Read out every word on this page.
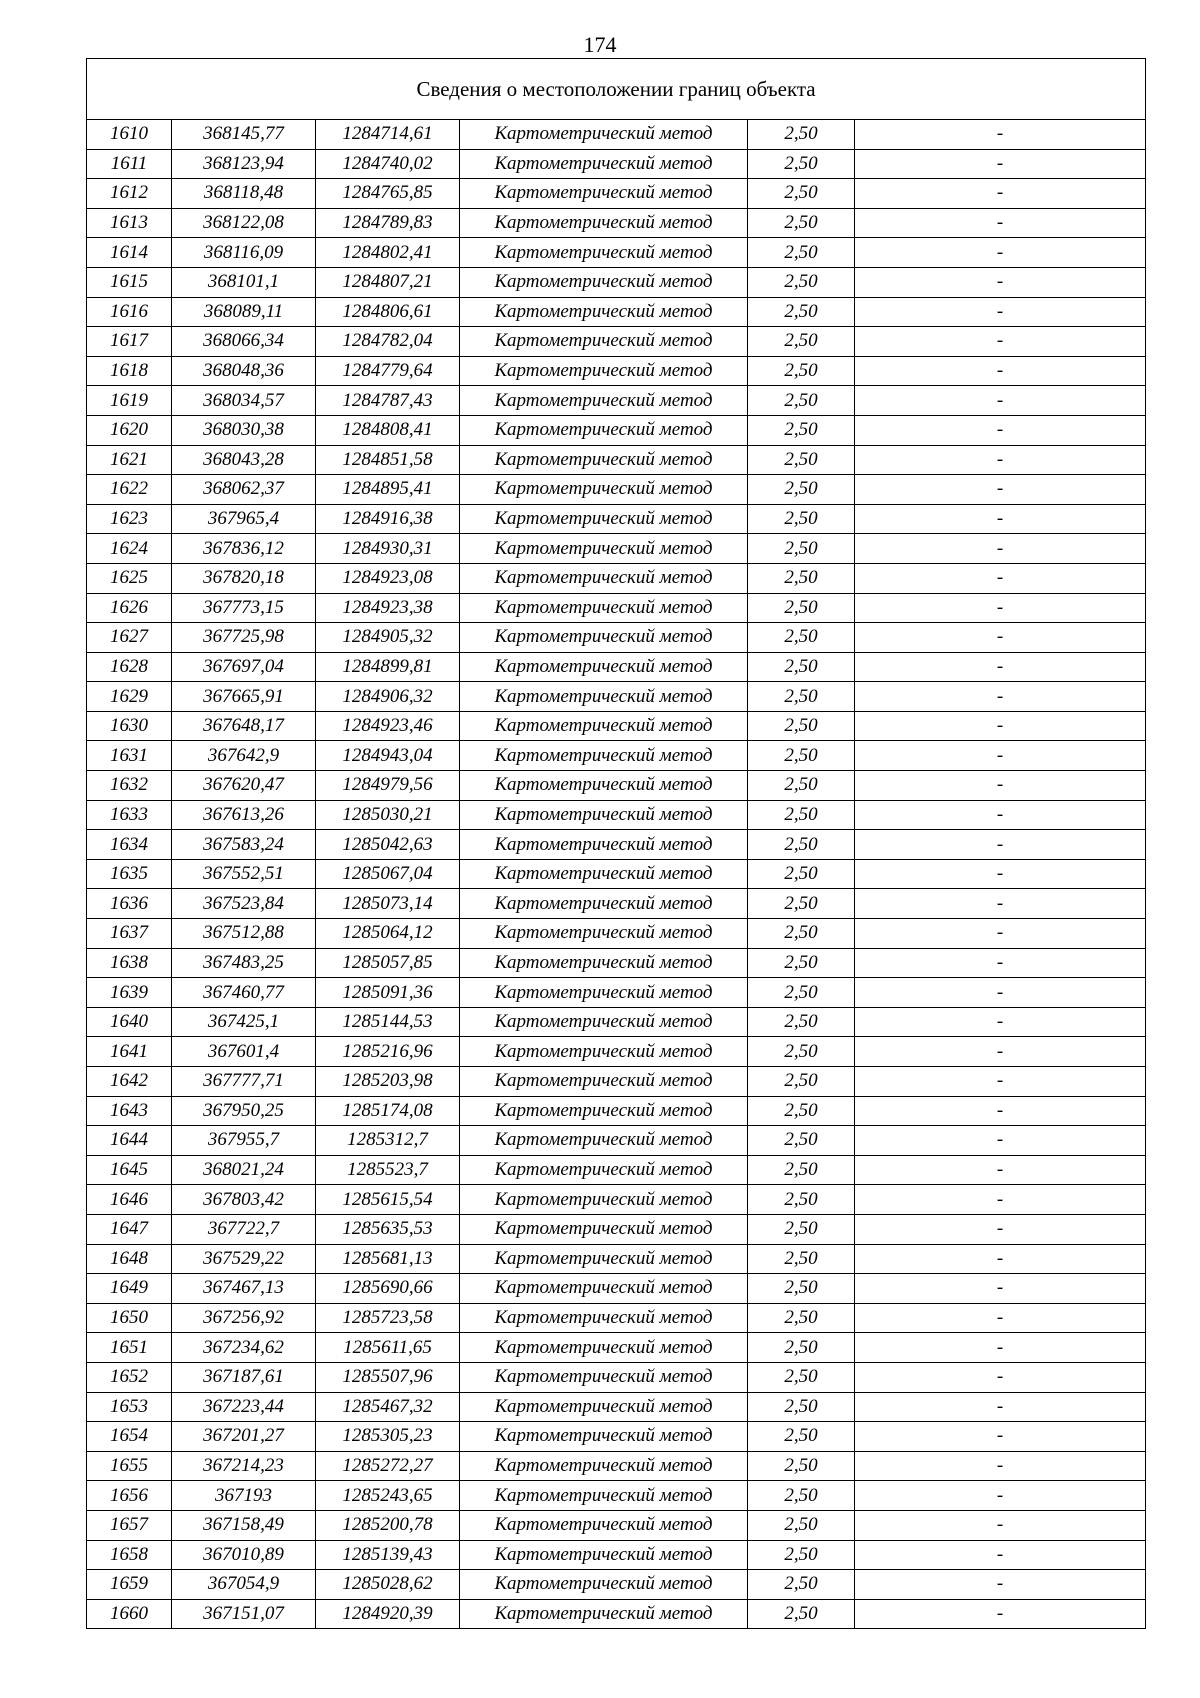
174
Сведения о местоположении границ объекта					
1610	368145,77	1284714,61	Картометрический метод	2,50	-
1611	368123,94	1284740,02	Картометрический метод	2,50	-
1612	368118,48	1284765,85	Картометрический метод	2,50	-
1613	368122,08	1284789,83	Картометрический метод	2,50	-
1614	368116,09	1284802,41	Картометрический метод	2,50	-
1615	368101,1	1284807,21	Картометрический метод	2,50	-
1616	368089,11	1284806,61	Картометрический метод	2,50	-
1617	368066,34	1284782,04	Картометрический метод	2,50	-
1618	368048,36	1284779,64	Картометрический метод	2,50	-
1619	368034,57	1284787,43	Картометрический метод	2,50	-
1620	368030,38	1284808,41	Картометрический метод	2,50	-
1621	368043,28	1284851,58	Картометрический метод	2,50	-
1622	368062,37	1284895,41	Картометрический метод	2,50	-
1623	367965,4	1284916,38	Картометрический метод	2,50	-
1624	367836,12	1284930,31	Картометрический метод	2,50	-
1625	367820,18	1284923,08	Картометрический метод	2,50	-
1626	367773,15	1284923,38	Картометрический метод	2,50	-
1627	367725,98	1284905,32	Картометрический метод	2,50	-
1628	367697,04	1284899,81	Картометрический метод	2,50	-
1629	367665,91	1284906,32	Картометрический метод	2,50	-
1630	367648,17	1284923,46	Картометрический метод	2,50	-
1631	367642,9	1284943,04	Картометрический метод	2,50	-
1632	367620,47	1284979,56	Картометрический метод	2,50	-
1633	367613,26	1285030,21	Картометрический метод	2,50	-
1634	367583,24	1285042,63	Картометрический метод	2,50	-
1635	367552,51	1285067,04	Картометрический метод	2,50	-
1636	367523,84	1285073,14	Картометрический метод	2,50	-
1637	367512,88	1285064,12	Картометрический метод	2,50	-
1638	367483,25	1285057,85	Картометрический метод	2,50	-
1639	367460,77	1285091,36	Картометрический метод	2,50	-
1640	367425,1	1285144,53	Картометрический метод	2,50	-
1641	367601,4	1285216,96	Картометрический метод	2,50	-
1642	367777,71	1285203,98	Картометрический метод	2,50	-
1643	367950,25	1285174,08	Картометрический метод	2,50	-
1644	367955,7	1285312,7	Картометрический метод	2,50	-
1645	368021,24	1285523,7	Картометрический метод	2,50	-
1646	367803,42	1285615,54	Картометрический метод	2,50	-
1647	367722,7	1285635,53	Картометрический метод	2,50	-
1648	367529,22	1285681,13	Картометрический метод	2,50	-
1649	367467,13	1285690,66	Картометрический метод	2,50	-
1650	367256,92	1285723,58	Картометрический метод	2,50	-
1651	367234,62	1285611,65	Картометрический метод	2,50	-
1652	367187,61	1285507,96	Картометрический метод	2,50	-
1653	367223,44	1285467,32	Картометрический метод	2,50	-
1654	367201,27	1285305,23	Картометрический метод	2,50	-
1655	367214,23	1285272,27	Картометрический метод	2,50	-
1656	367193	1285243,65	Картометрический метод	2,50	-
1657	367158,49	1285200,78	Картометрический метод	2,50	-
1658	367010,89	1285139,43	Картометрический метод	2,50	-
1659	367054,9	1285028,62	Картометрический метод	2,50	-
1660	367151,07	1284920,39	Картометрический метод	2,50	-
